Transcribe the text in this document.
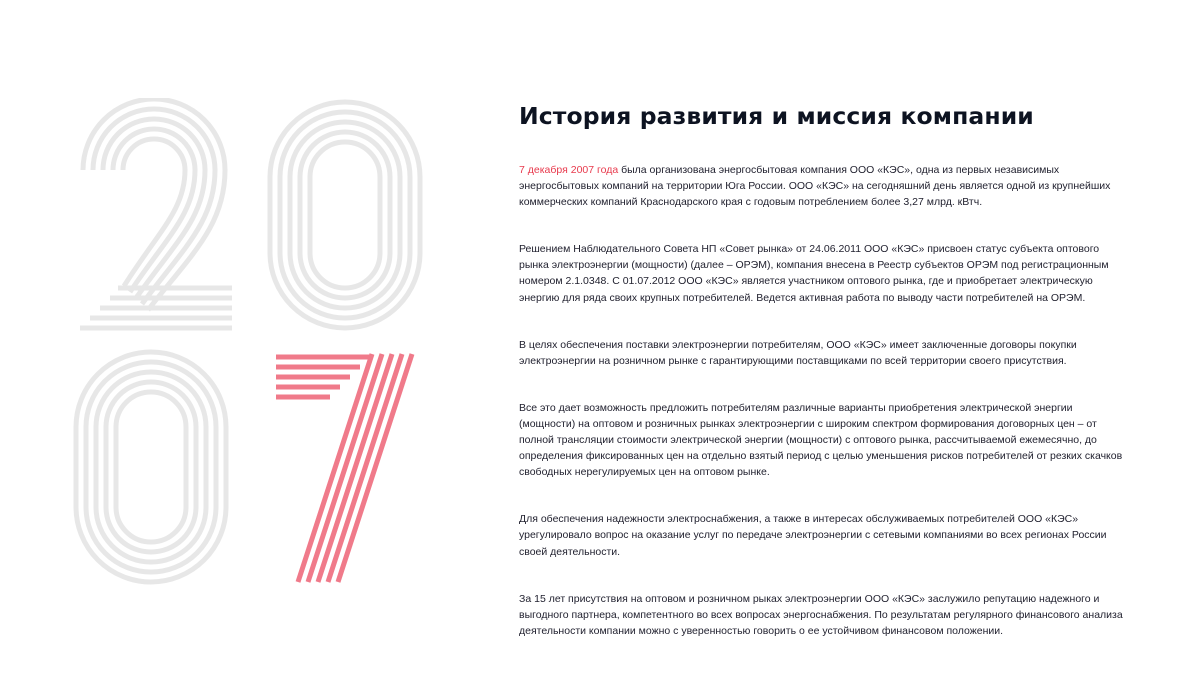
История развития и миссия компании

7 декабря 2007 года была организована энергосбытовая компания ООО «КЭС», одна из первых независимых энергосбытовых компаний на территории Юга России. ООО «КЭС» на сегодняшний день является одной из крупнейших коммерческих компаний Краснодарского края с годовым потреблением более 3,27 млрд. кВтч.

Решением Наблюдательного Совета НП «Совет рынка» от 24.06.2011 ООО «КЭС» присвоен статус субъекта оптового рынка электроэнергии (мощности) (далее – ОРЭМ), компания внесена в Реестр субъектов ОРЭМ под регистрационным номером 2.1.0348. С 01.07.2012 ООО «КЭС» является участником оптового рынка, где и приобретает электрическую энергию для ряда своих крупных потребителей. Ведется активная работа по выводу части потребителей на ОРЭМ.

В целях обеспечения поставки электроэнергии потребителям, ООО «КЭС» имеет заключенные договоры покупки электроэнергии на розничном рынке с гарантирующими поставщиками по всей территории своего присутствия.

Все это дает возможность предложить потребителям различные варианты приобретения электрической энергии (мощности) на оптовом и розничных рынках электроэнергии с широким спектром формирования договорных цен – от полной трансляции стоимости электрической энергии (мощности) с оптового рынка, рассчитываемой ежемесячно, до определения фиксированных цен на отдельно взятый период с целью уменьшения рисков потребителей от резких скачков свободных нерегулируемых цен на оптовом рынке.

Для обеспечения надежности электроснабжения, а также в интересах обслуживаемых потребителей ООО «КЭС» урегулировало вопрос на оказание услуг по передаче электроэнергии с сетевыми компаниями во всех регионах России своей деятельности.

За 15 лет присутствия на оптовом и розничном рыках электроэнергии ООО «КЭС» заслужило репутацию надежного и выгодного партнера, компетентного во всех вопросах энергоснабжения. По результатам регулярного финансового анализа деятельности компании можно с уверенностью говорить о ее устойчивом финансовом положении.
